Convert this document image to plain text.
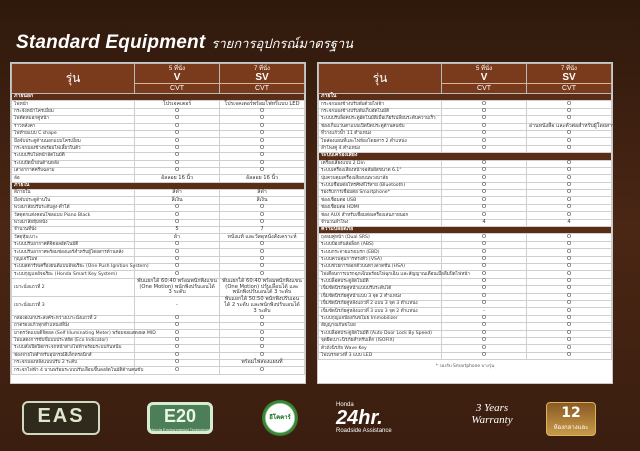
Standard Equipment รายการอุปกรณ์มาตรฐาน
รุ่น	5 ที่นั่ง
V
CVT	7 ที่นั่ง
SV
CVT

ภายนอก		
ไฟหน้า	โปรเจคเตอร์	โปรเจคเตอร์พร้อมไฟหรี่แบบ LED
กระจังหน้าโครเมี่ยม	O	O
ไฟตัดหมอกคู่หน้า	O	O
ราวหลังคา	O	O
ไฟท้ายแบบ C shape	O	O
มือจับประตูด้านนอกแบบโครเมี่ยม	O	O
กระจกมองข้างพร้อมไฟเลี้ยวในตัว	O	O
ระบบปรับไฟหน้าอัตโนมัติ	O	O
ระบบปัดน้ำฝนด้านหลัง	O	O
เสาอากาศครีบฉลาม	O	O
ล้อ	อัลลอย 16 นิ้ว	อัลลอย 16 นิ้ว
ภายใน		
สีภายใน	สีดำ	สีดำ
มือจับประตูด้านใน	สีเงิน	สีเงิน
พวงมาลัยปรับระดับสูง-ต่ำได้	O	O
วัสดุตกแต่งคอนโซลแบบ Piano Black	O	O
พวงมาลัยหุ้มหนัง	O	O
จำนวนที่นั่ง	5	7
วัสดุหุ้มเบาะ	ผ้า	หนังแท้ และวัสดุหนังสังเคราะห์
ระบบปรับอากาศดิจิตอลอัตโนมัติ	O	O
ระบบปรับอากาศพร้อมช่องแอร์สำหรับผู้โดยสารด้านหลัง	O	O
กุญแจรีโมท	O	O
ระบบสตาร์ทเครื่องยนต์แบบอัจฉริยะ (One Push Ignition System)	O	O
ระบบกุญแจอัจฉริยะ (Honda Smart Key System)	O	O
เบาะนั่งแถวที่ 2	พับแยกได้ 60:40 พร้อมพนักพิงแขน (One Motion) พนักพิงปรับเอนได้ 3 ระดับ	พับแยกได้ 60:40 พร้อมพนักพิงแขน (One Motion) ปรับเลื่อนได้ และพนักพิงปรับเอนได้ 3 ระดับ
เบาะนั่งแถวที่ 3	-	พับแยกได้ 50:50 พนักพิงปรับเอนได้ 2 ระดับ และพนักพิงปรับเอนได้ 3 ระดับ
กล่องอเนกประสงค์ระหว่างเบาะนั่งแถวที่ 2	O	O
ถาดรองแก้วทุกตำแหน่งที่นั่ง	O	O
มาตรวัดแบบดิจิตอล (Self Illuminating Meter) พร้อมจอแสดงผล MID	O	O
ไฟแสดงการขับขี่แบบประหยัด (Eco Indicator)	O	O
ระบบสั่งเปิดปิดกระจกหน้าต่างไฟฟ้าพร้อมระบบกันหนีบ	O	O
ช่องจ่ายไฟสำหรับอุปกรณ์อิเล็กทรอนิกส์	O	O
กระจกมองหลังแบบปรับ 2 ระดับ	O	พร้อมไฟส่องแผนที่
กระจกไฟฟ้า 4 บานพร้อมระบบปรับเลื่อนขึ้นลงอัตโนมัติด้านคนขับ	O	O
รุ่น	5 ที่นั่ง
V
CVT	7 ที่นั่ง
SV
CVT

ภายใน		
กระจกมองข้างปรับพับด้วยไฟฟ้า	O	O
กระจกมองข้างปรับพับเก็บอัตโนมัติ	O	O
ระบบปรับล็อคประตูอัตโนมัติเมื่อเกียร์เปลี่ยนระดับความเร็ว	O	O
ช่องเก็บแว่นตาแบบเปิดปิดประตูด้านคนขับ	O	อ่านหนังสือ และตัวต่อสำหรับผู้โดยสาร
ที่วางแก้วน้ำ 11 ตำแหน่ง	O	O
ไฟส่องแผนที่และไฟห้องโดยสาร 2 ตำแหน่ง	O	O
ลำโพงคู่ 4 ตำแหน่ง	O	O
ระบบเครื่องเสียง		
เครื่องเสียงแบบ 2 Din	O	O
ระบบเครื่องเสียงหน้าจอสัมผัสขนาด 6.1"	O	O
ปุ่มควบคุมเครื่องเสียงบนพวงมาลัย	O	O
ระบบเชื่อมต่อโทรศัพท์ไร้สาย (Bluetooth)	O	O
รองรับการเชื่อมต่อ Smartphone*	O	O
ช่องเชื่อมต่อ USB	O	O
ช่องเชื่อมต่อ HDMI	O	O
ช่อง AUX สำหรับเชื่อมต่อเครื่องเล่นภายนอก	O	O
จำนวนลำโพง	4	4
ความปลอดภัย		
ถุงลมคู่หน้า (Dual SRS)	O	O
ระบบป้องกันล้อล็อก (ABS)	O	O
ระบบกระจายแรงเบรก (EBD)	O	O
ระบบควบคุมการทรงตัว (VSA)	O	O
ระบบช่วยการออกตัวบนทางลาดชัน (HSA)	O	O
ไฟเตือนการเบรกฉุกเฉินพร้อมไฟฉุกเฉิน และสัญญาณเตือนเมื่อลืมปิดไฟหน้า	O	O
ระบบล็อคประตูอัตโนมัติ	O	O
เข็มขัดนิรภัยคู่หน้าแบบปรับระดับได้	O	O
เข็มขัดนิรภัยคู่หน้าแบบ 3 จุด 2 ตำแหน่ง	O	O
เข็มขัดนิรภัยคู่หลังแถวที่ 2 แบบ 3 จุด 3 ตำแหน่ง	O	O
เข็มขัดนิรภัยคู่หลังแถวที่ 3 แบบ 3 จุด 2 ตำแหน่ง	-	O
ระบบกุญแจป้องกันขโมย Immobilizer	O	O
สัญญาณกันขโมย	O	O
ระบบล็อคประตูอัตโนมัติ (Auto Door Lock By Speed)	O	O
จุดยึดเบาะนิรภัยสำหรับเด็ก (ISOFIX)	O	O
ตัวถังนิรภัย Wave Key	O	O
ไฟเบรกดวงที่ 3 แบบ LED	O	O
* รองรับ Smartphone บางรุ่น
EAS	E20
Honda Environmental Technology
อีโคคาร์
Honda
24hr.
Roadside Assistance
3 Years Warranty	12
ห้องกลางและ
